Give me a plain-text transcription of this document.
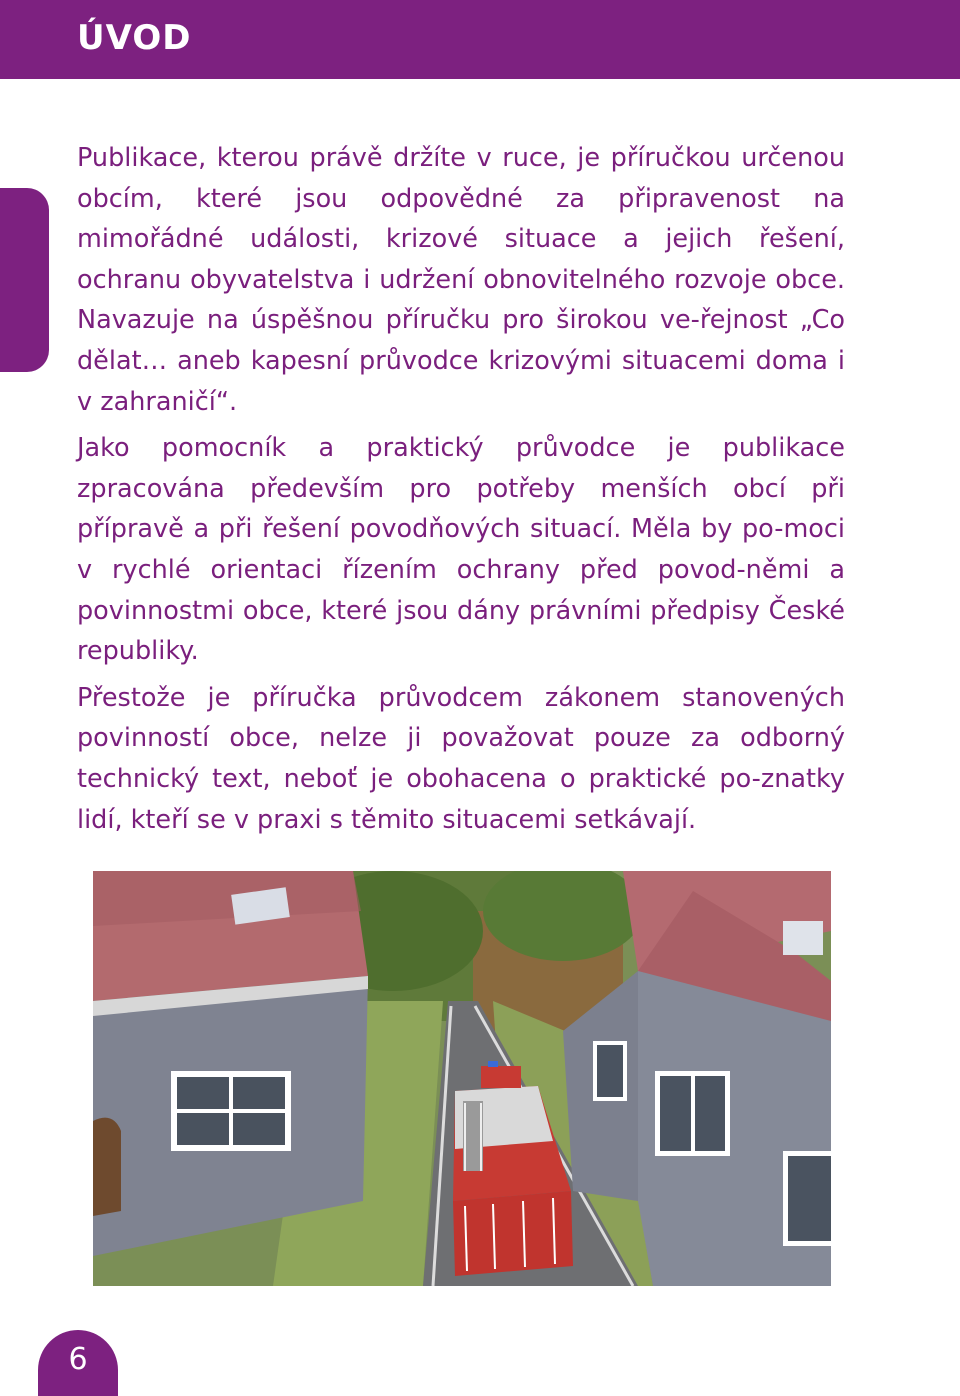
ÚVOD

Publikace, kterou právě držíte v ruce, je příručkou určenou obcím, které jsou odpovědné za připravenost na mimořádné události, krizové situace a jejich řešení, ochranu obyvatelstva i udržení obnovitelného rozvoje obce. Navazuje na úspěšnou příručku pro širokou ve-řejnost „Co dělat… aneb kapesní průvodce krizovými situacemi doma i v zahraničí“.

Jako pomocník a praktický průvodce je publikace zpracována především pro potřeby menších obcí při přípravě a při řešení povodňových situací. Měla by po-moci v rychlé orientaci řízením ochrany před povod-němi a povinnostmi obce, které jsou dány právními předpisy České republiky.

Přestože je příručka průvodcem zákonem stanovených povinností obce, nelze ji považovat pouze za odborný technický text, neboť je obohacena o praktické po-znatky lidí, kteří se v praxi s těmito situacemi setkávají.

6
